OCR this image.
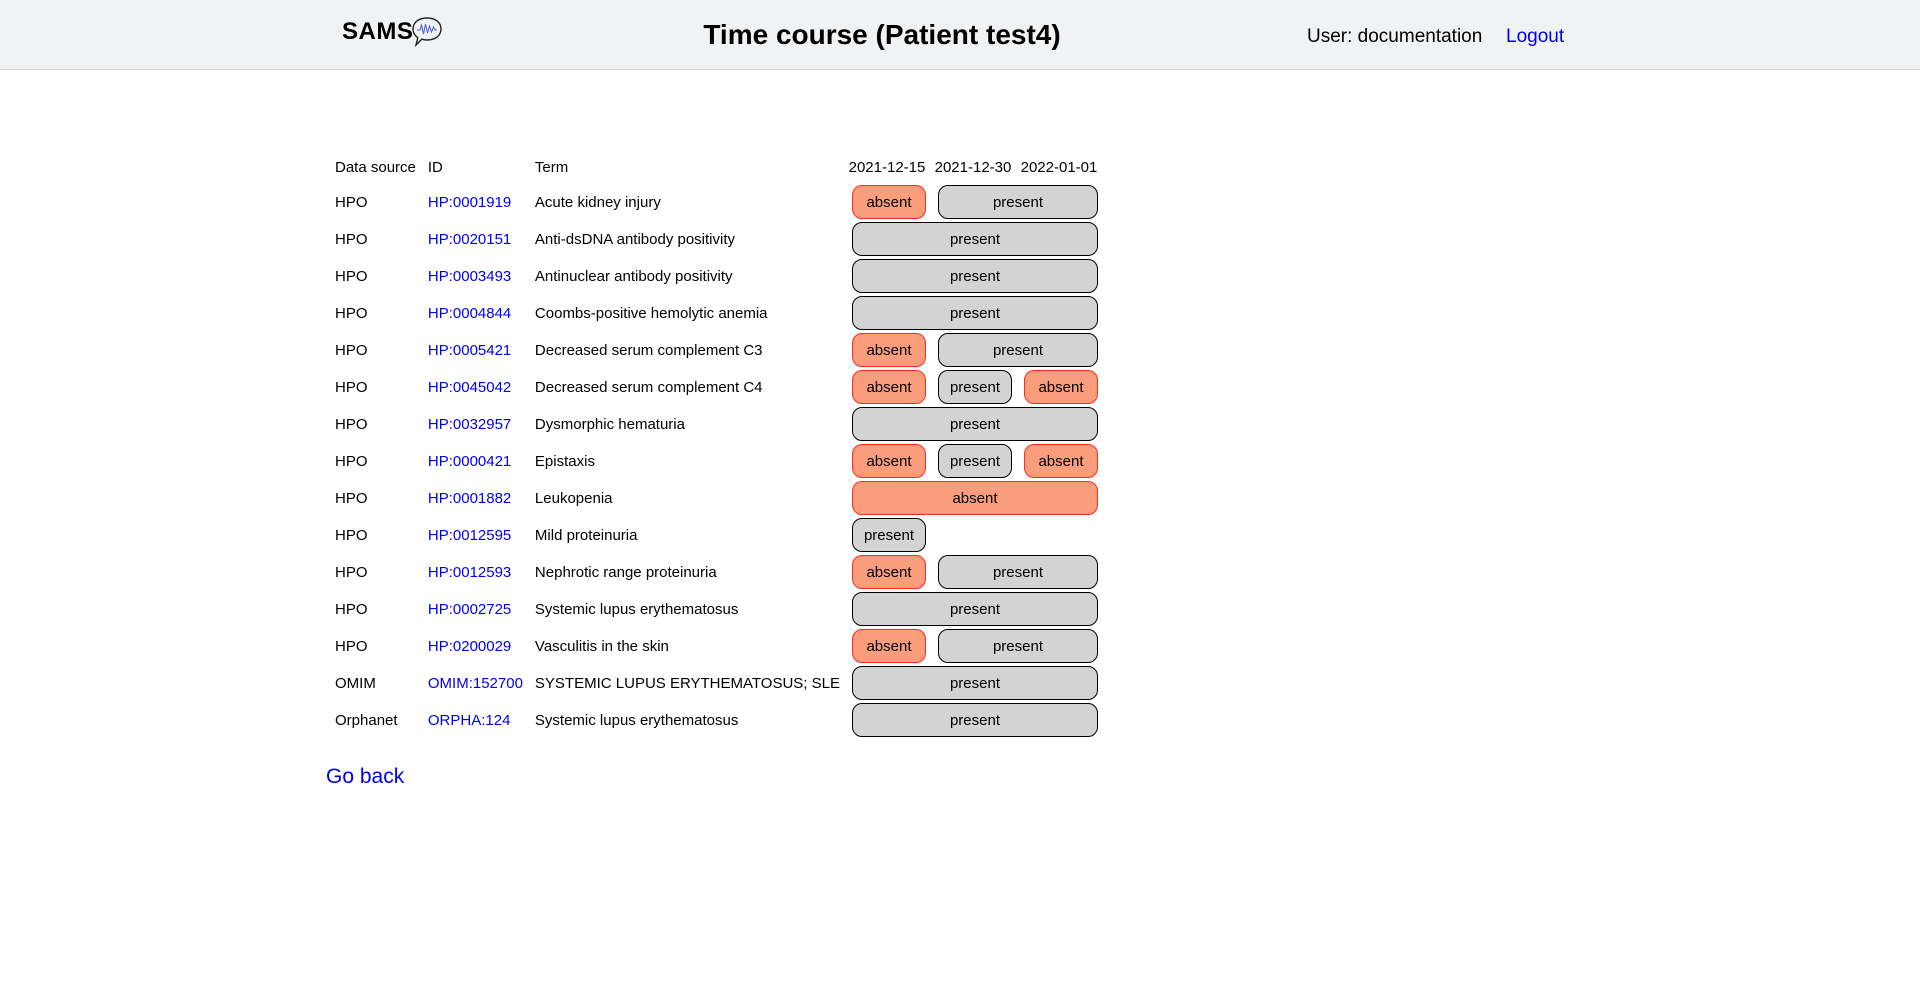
SAMS	Time course (Patient test4)	User: documentation Logout
Data source	ID	Term	2021-12-15	2021-12-30	2022-01-01
HPO	HP:0001919	Acute kidney injury	absent	present	

HPO	HP:0020151	Anti-dsDNA antibody positivity	present		

HPO	HP:0003493	Antinuclear antibody positivity	present		

HPO	HP:0004844	Coombs-positive hemolytic anemia	present		

HPO	HP:0005421	Decreased serum complement C3	absent	present	

HPO	HP:0045042	Decreased serum complement C4	absent	present	absent

HPO	HP:0032957	Dysmorphic hematuria	present		

HPO	HP:0000421	Epistaxis	absent	present	absent

HPO	HP:0001882	Leukopenia	absent		

HPO	HP:0012595	Mild proteinuria	present		

HPO	HP:0012593	Nephrotic range proteinuria	absent	present	

HPO	HP:0002725	Systemic lupus erythematosus	present		

HPO	HP:0200029	Vasculitis in the skin	absent	present	

OMIM	OMIM:152700	SYSTEMIC LUPUS ERYTHEMATOSUS; SLE	present		

Orphanet	ORPHA:124	Systemic lupus erythematosus	present		
Go back
